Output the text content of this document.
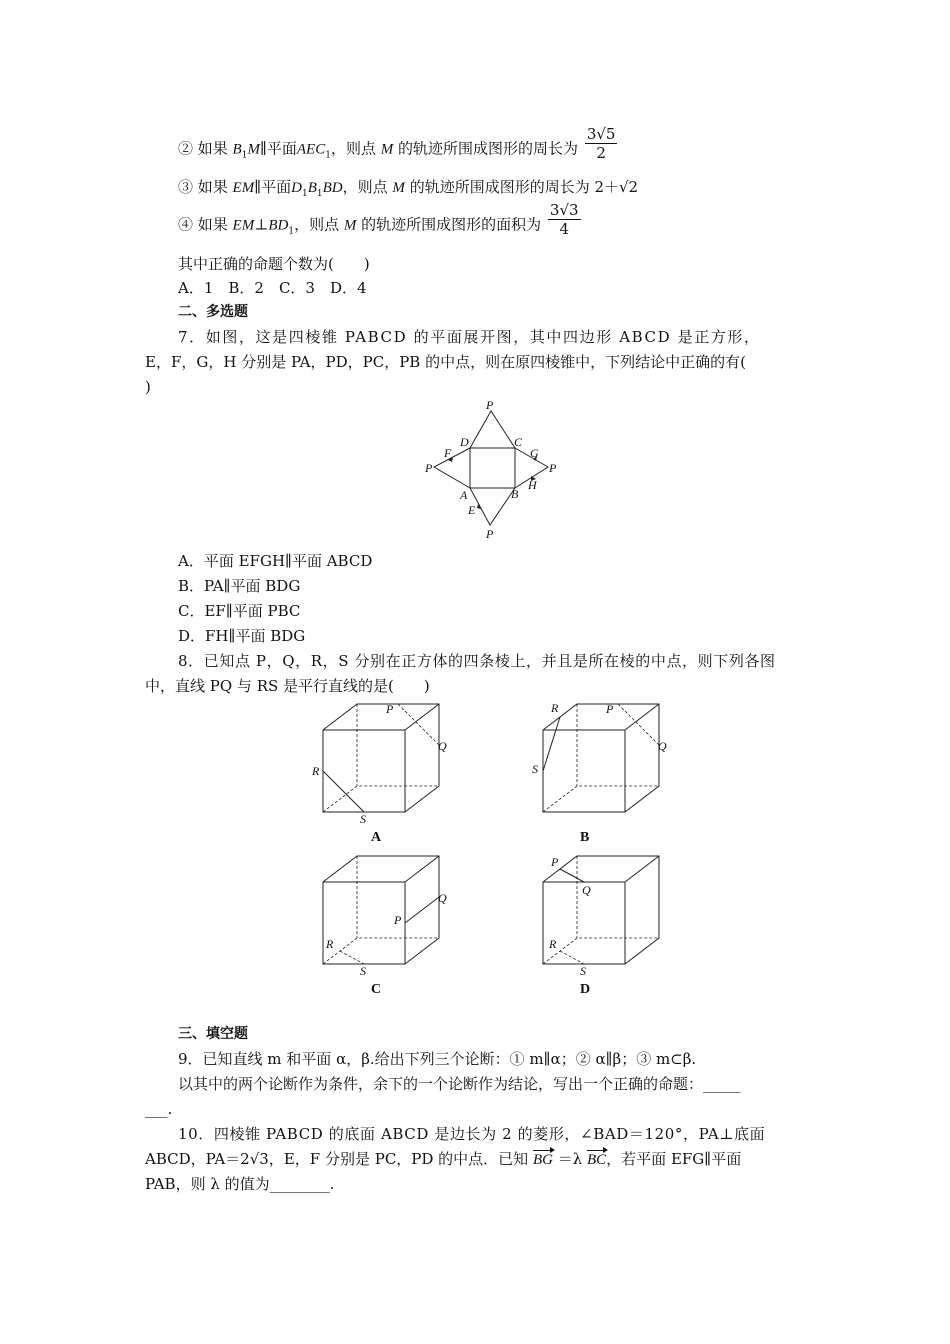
② 如果 $B_1M\parallel$平面$AEC_1$，则点 M 的轨迹所围成图形的周长为 $\frac{3√5}{2}$
③ 如果 EM∥平面$D_1B_1BD$，则点 M 的轨迹所围成图形的周长为 2＋√2
④ 如果 $EM\perp BD_1$，则点 M 的轨迹所围成图形的面积为 $\frac{3√3}{4}$
其中正确的命题个数为(　　)
A．1　B．2　C．3　D．4
二、多选题
7．如图，这是四棱锥 PABCD 的平面展开图，其中四边形 ABCD 是正方形，
E，F，G，H 分别是 PA，PD，PC，PB 的中点，则在原四棱锥中，下列结论中正确的有(
)
P
D	C
F	G
P	P
A	B
H
E
P
A．平面 EFGH∥平面 ABCD
B．PA∥平面 BDG
C．EF∥平面 PBC
D．FH∥平面 BDG
8．已知点 P，Q，R，S 分别在正方体的四条棱上，并且是所在棱的中点，则下列各图
中，直线 PQ 与 RS 是平行直线的是(　　)
P
Q
R
S
A
P
Q
R
S
B
P
Q
R
S
C
P
Q
R
S
D
三、填空题
9．已知直线 m 和平面 α，β.给出下列三个论断：① m∥α；② α∥β；③ m⊂β.
以其中的两个论断作为条件，余下的一个论断作为结论，写出一个正确的命题：_____
___.
10．四棱锥 PABCD 的底面 ABCD 是边长为 2 的菱形，∠BAD＝120°，PA⊥底面
ABCD，PA＝2√3，E，F 分别是 PC，PD 的中点．已知 BG ＝λ BC，若平面 EFG∥平面
PAB，则 λ 的值为________.
